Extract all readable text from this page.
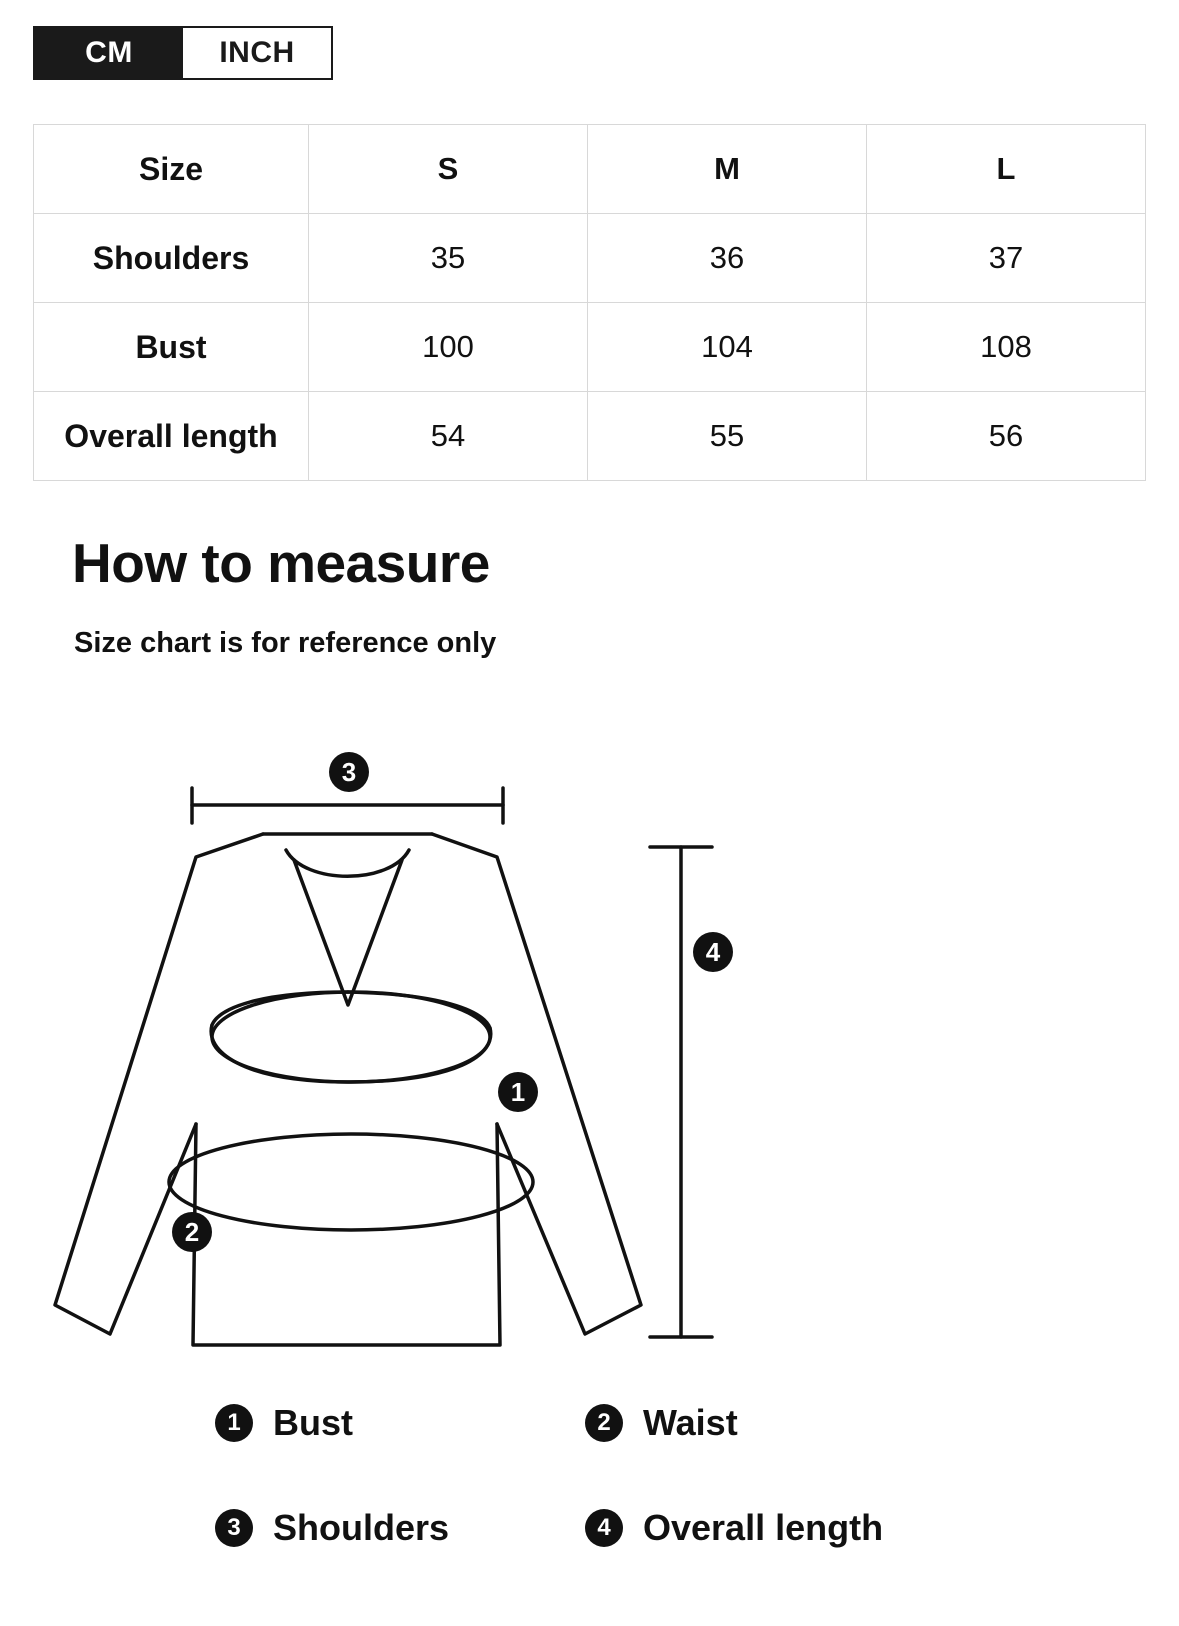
CM	INCH
Size	S	M	L
Shoulders	35	36	37
Bust	100	104	108
Overall length	54	55	56
How to measure
Size chart is for reference only
3
4
1
2
1 Bust	2 Waist
3 Shoulders	4 Overall length
